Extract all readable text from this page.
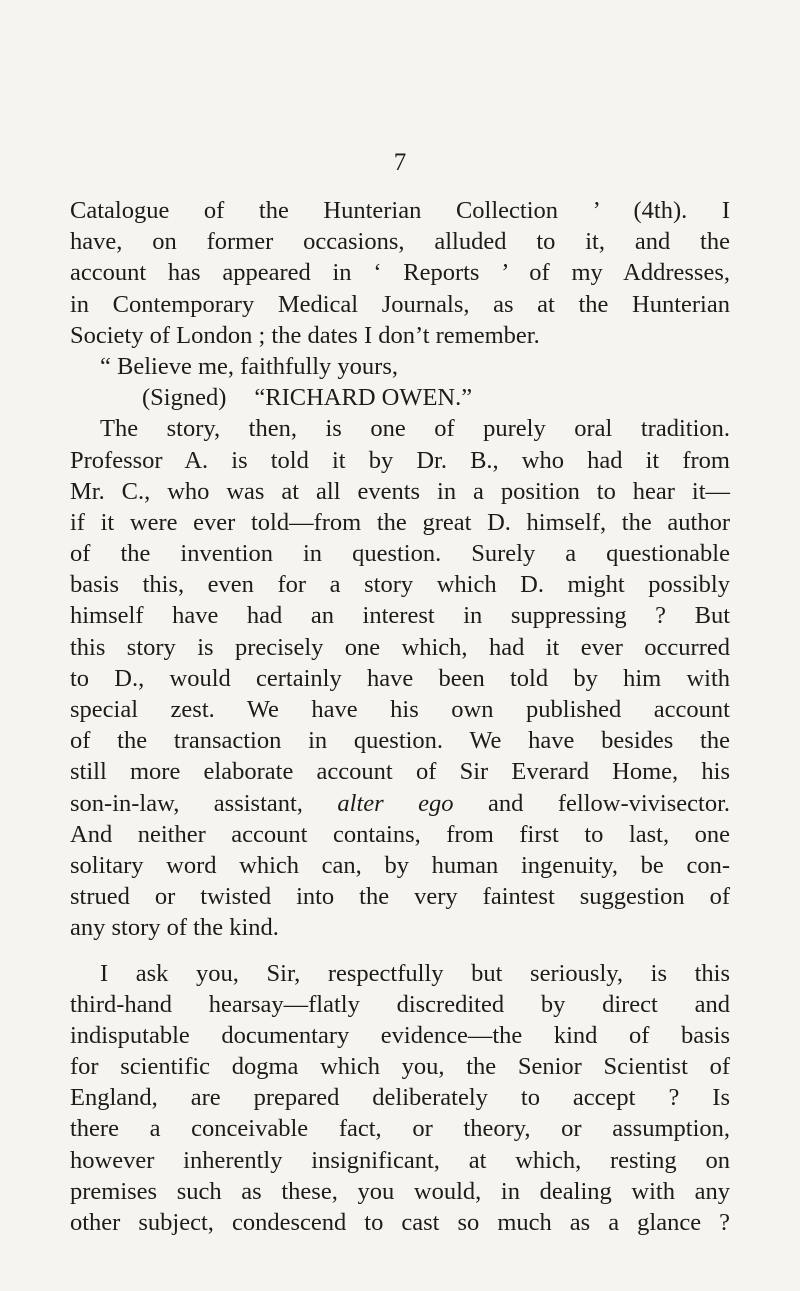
7
Catalogue of the Hunterian Collection ’ (4th). I
have, on former occasions, alluded to it, and the
account has appeared in ‘ Reports ’ of my Addresses,
in Contemporary Medical Journals, as at the Hunterian
Society of London ; the dates I don’t remember.
“ Believe me, faithfully yours,
(Signed) “RICHARD OWEN.”
The story, then, is one of purely oral tradition.
Professor A. is told it by Dr. B., who had it from
Mr. C., who was at all events in a position to hear it—
if it were ever told—from the great D. himself, the author
of the invention in question. Surely a questionable
basis this, even for a story which D. might possibly
himself have had an interest in suppressing ? But
this story is precisely one which, had it ever occurred
to D., would certainly have been told by him with
special zest. We have his own published account
of the transaction in question. We have besides the
still more elaborate account of Sir Everard Home, his
son-in-law, assistant, alter ego and fellow-vivisector.
And neither account contains, from first to last, one
solitary word which can, by human ingenuity, be con-
strued or twisted into the very faintest suggestion of
any story of the kind.
I ask you, Sir, respectfully but seriously, is this
third-hand hearsay—flatly discredited by direct and
indisputable documentary evidence—the kind of basis
for scientific dogma which you, the Senior Scientist of
England, are prepared deliberately to accept ? Is
there a conceivable fact, or theory, or assumption,
however inherently insignificant, at which, resting on
premises such as these, you would, in dealing with any
other subject, condescend to cast so much as a glance ?
